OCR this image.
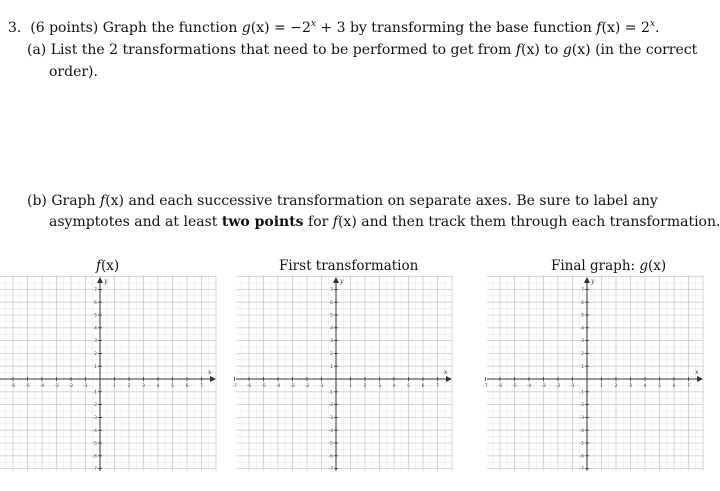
3. (6 points) Graph the function $g(x) = -2^x + 3$ by transforming the base function $f(x) = 2^x$.
(a) List the 2 transformations that need to be performed to get from f(x) to g(x) (in the correct
order).
(b) Graph f(x) and each successive transformation on separate axes. Be sure to label any
asymptotes and at least two points for f(x) and then track them through each transformation.
f(x)	First transformation	Final graph: g(x)
x
y
-6 -5 -4 -3 -2 -1	1	2	3	4	5	6	7
7
6
5
4
3
2
1
-1
-2
-3
-4
-5
-6
-7
x
y
-7 -6 -5 -4 -3 -2 -1	1	2	3	4	5	6	7
7
6
5
4
3
2
1
-1
-2
-3
-4
-5
-6
-7
x
y
-7 -6 -5 -4 -3 -2 -1	1	2	3	4	5	6	7
7
6
5
4
3
2
1
-1
-2
-3
-4
-5
-6
-7
